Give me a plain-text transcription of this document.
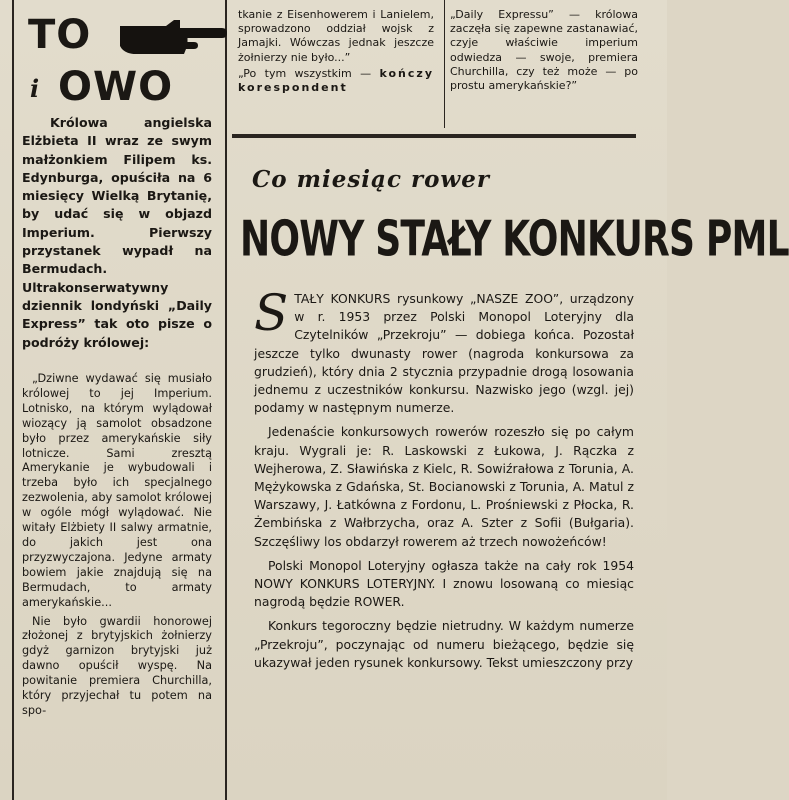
TO
i OWO

Królowa angielska Elżbieta II wraz ze swym małżonkiem Filipem ks. Edynburga, opuściła na 6 miesięcy Wielką Brytanię, by udać się w objazd Imperium. Pierwszy przystanek wypadł na Bermudach. Ultrakonserwatywny dziennik londyński „Daily Express” tak oto pisze o podróży królowej:

„Dziwne wydawać się musiało królowej to jej Imperium. Lotnisko, na którym wylądował wiozący ją samolot obsadzone było przez amerykańskie siły lotnicze. Sami zresztą Amerykanie je wybudowali i trzeba było ich specjalnego zezwolenia, aby samolot królowej w ogóle mógł wylądować. Nie witały Elżbiety II salwy armatnie, do jakich jest ona przyzwyczajona. Jedyne armaty bowiem jakie znajdują się na Bermudach, to armaty amerykańskie...

Nie było gwardii honorowej złożonej z brytyjskich żołnierzy gdyż garnizon brytyjski już dawno opuścił wyspę. Na powitanie premiera Churchilla, który przyjechał tu potem na spo-

tkanie z Eisenhowerem i Lanielem, sprowadzono oddział wojsk z Jamajki. Wówczas jednak jeszcze żołnierzy nie było...”

„Po tym wszystkim — kończy korespondent

„Daily Expressu” — królowa zaczęła się zapewne zastanawiać, czyje właściwie imperium odwiedza — swoje, premiera Churchilla, czy też może — po prostu amerykańskie?”

Co miesiąc rower
NOWY STAŁY KONKURS PML

STAŁY KONKURS rysunkowy „NASZE ZOO”, urządzony w r. 1953 przez Polski Monopol Loteryjny dla Czytelników „Przekroju” — dobiega końca. Pozostał jeszcze tylko dwunasty rower (nagroda konkursowa za grudzień), który dnia 2 stycznia przypadnie drogą losowania jednemu z uczestników konkursu. Nazwisko jego (wzgl. jej) podamy w następnym numerze.

Jedenaście konkursowych rowerów rozeszło się po całym kraju. Wygrali je: R. Laskowski z Łukowa, J. Rączka z Wejherowa, Z. Sławińska z Kielc, R. Sowiźrałowa z Torunia, A. Mężykowska z Gdańska, St. Bocianowski z Torunia, A. Matul z Warszawy, J. Łatkówna z Fordonu, L. Prośniewski z Płocka, R. Żembińska z Wałbrzycha, oraz A. Szter z Sofii (Bułgaria). Szczęśliwy los obdarzył rowerem aż trzech nowożeńców!

Polski Monopol Loteryjny ogłasza także na cały rok 1954 NOWY KONKURS LOTERYJNY. I znowu losowaną co miesiąc nagrodą będzie ROWER.

Konkurs tegoroczny będzie nietrudny. W każdym numerze „Przekroju”, poczynając od numeru bieżącego, będzie się ukazywał jeden rysunek konkursowy. Tekst umieszczony przy
